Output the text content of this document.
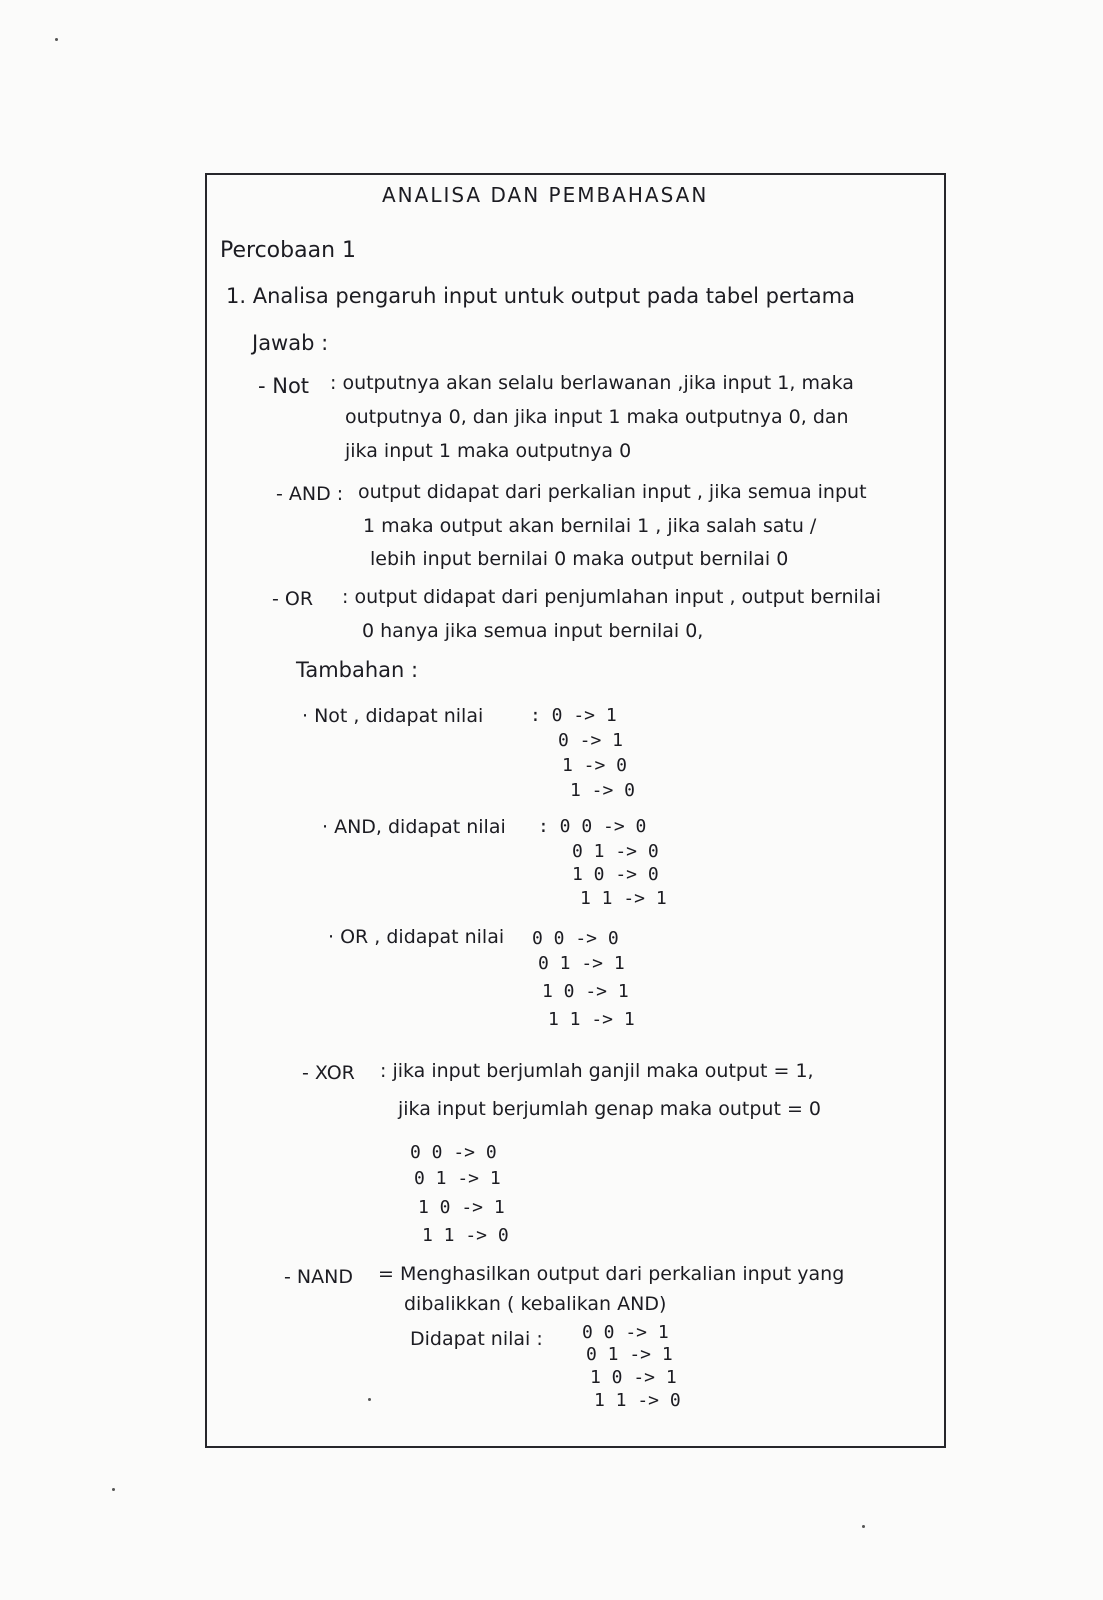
ANALISA DAN PEMBAHASAN
Percobaan 1
1. Analisa pengaruh input untuk output pada tabel pertama
Jawab :
- Not : outputnya akan selalu berlawanan ,jika input 1, maka
outputnya 0, dan jika input 1 maka outputnya 0, dan
jika input 1 maka outputnya 0
- AND : output didapat dari perkalian input , jika semua input
1 maka output akan bernilai 1 , jika salah satu /
lebih input bernilai 0 maka output bernilai 0
- OR : output didapat dari penjumlahan input , output bernilai
0 hanya jika semua input bernilai 0,
Tambahan :
· Not , didapat nilai	: 0 -> 1
0 -> 1
1 -> 0
1 -> 0
· AND, didapat nilai : 0 0 -> 0
0 1 -> 0
1 0 -> 0
1 1 -> 1
· OR , didapat nilai 0 0 -> 0
0 1 -> 1
1 0 -> 1
1 1 -> 1
- XOR : jika input berjumlah ganjil maka output = 1,
jika input berjumlah genap maka output = 0
0 0 -> 0
0 1 -> 1
1 0 -> 1
1 1 -> 0
- NAND = Menghasilkan output dari perkalian input yang
dibalikkan ( kebalikan AND)
Didapat nilai : 0 0 -> 1
0 1 -> 1
1 0 -> 1
1 1 -> 0
